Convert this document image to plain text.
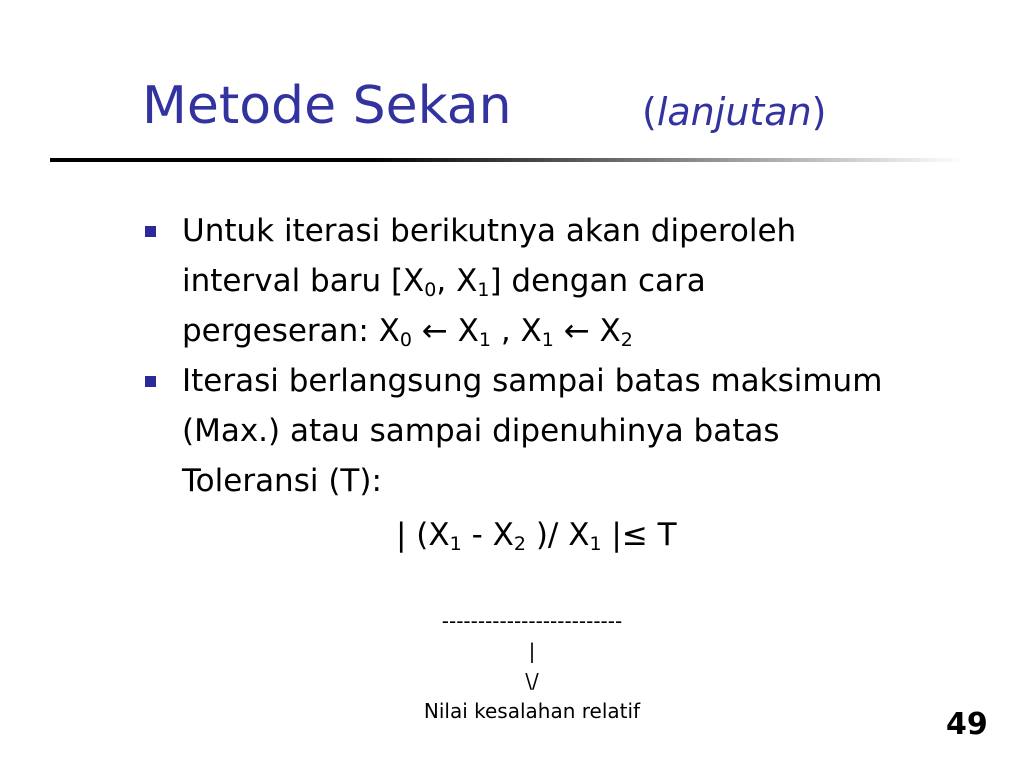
Metode Sekan	(lanjutan)
Untuk iterasi berikutnya akan diperoleh
interval baru [$X_0$, $X_1$] dengan cara
pergeseran: $X_0$ ← $X_1$ , $X_1$ ← $X_2$
Iterasi berlangsung sampai batas maksimum
(Max.) atau sampai dipenuhinya batas
Toleransi (T):
| ($X_1 - X_2$ )/ $X_1$ |≤ T
-------------------------
|
\/
Nilai kesalahan relatif	49
